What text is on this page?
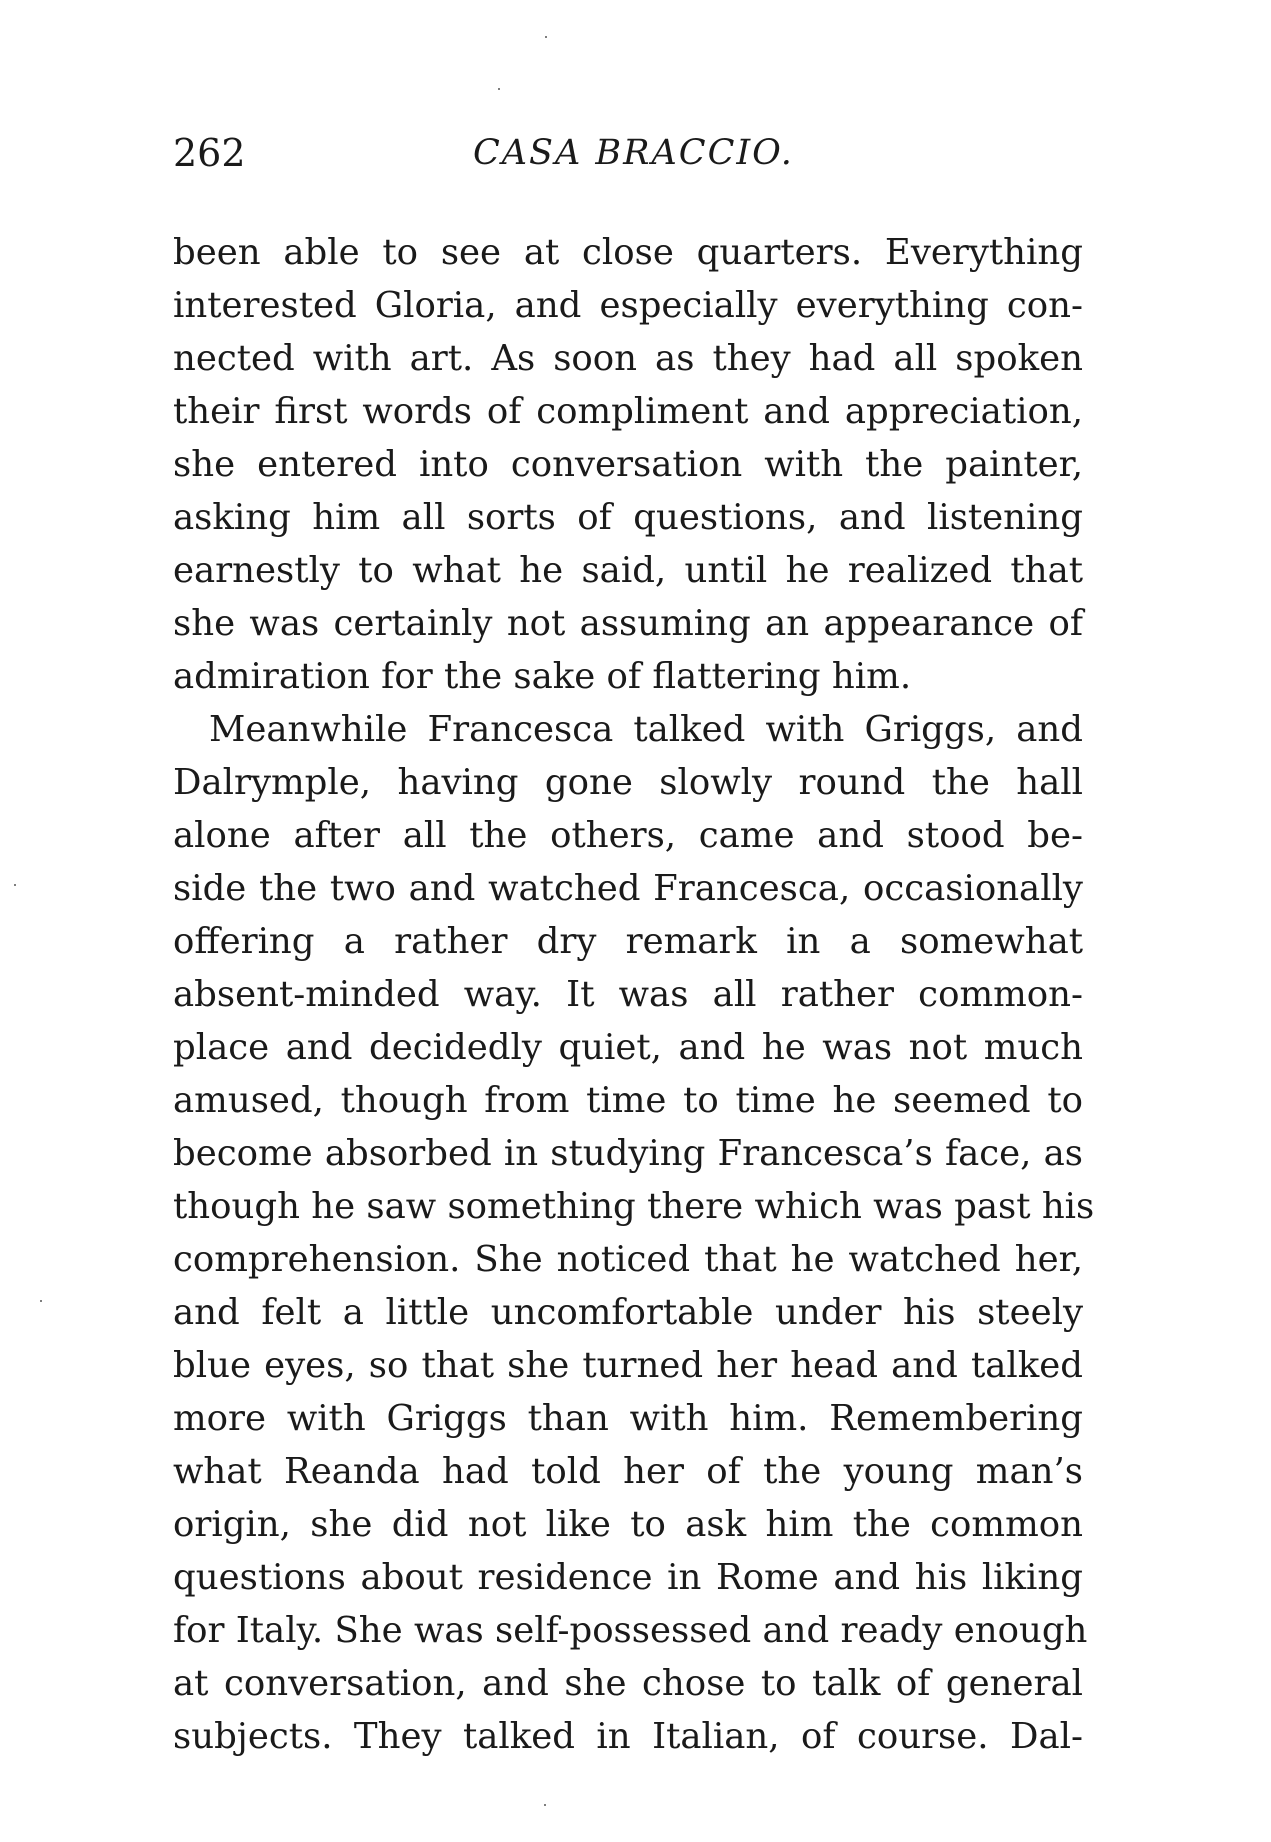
262	CASA BRACCIO.
been able to see at close quarters. Everything
interested Gloria, and especially everything con-
nected with art. As soon as they had all spoken
their first words of compliment and appreciation,
she entered into conversation with the painter,
asking him all sorts of questions, and listening
earnestly to what he said, until he realized that
she was certainly not assuming an appearance of
admiration for the sake of flattering him.
Meanwhile Francesca talked with Griggs, and
Dalrymple, having gone slowly round the hall
alone after all the others, came and stood be-
side the two and watched Francesca, occasionally
offering a rather dry remark in a somewhat
absent-minded way. It was all rather common-
place and decidedly quiet, and he was not much
amused, though from time to time he seemed to
become absorbed in studying Francesca’s face, as
though he saw something there which was past his
comprehension. She noticed that he watched her,
and felt a little uncomfortable under his steely
blue eyes, so that she turned her head and talked
more with Griggs than with him. Remembering
what Reanda had told her of the young man’s
origin, she did not like to ask him the common
questions about residence in Rome and his liking
for Italy. She was self-possessed and ready enough
at conversation, and she chose to talk of general
subjects. They talked in Italian, of course. Dal-
